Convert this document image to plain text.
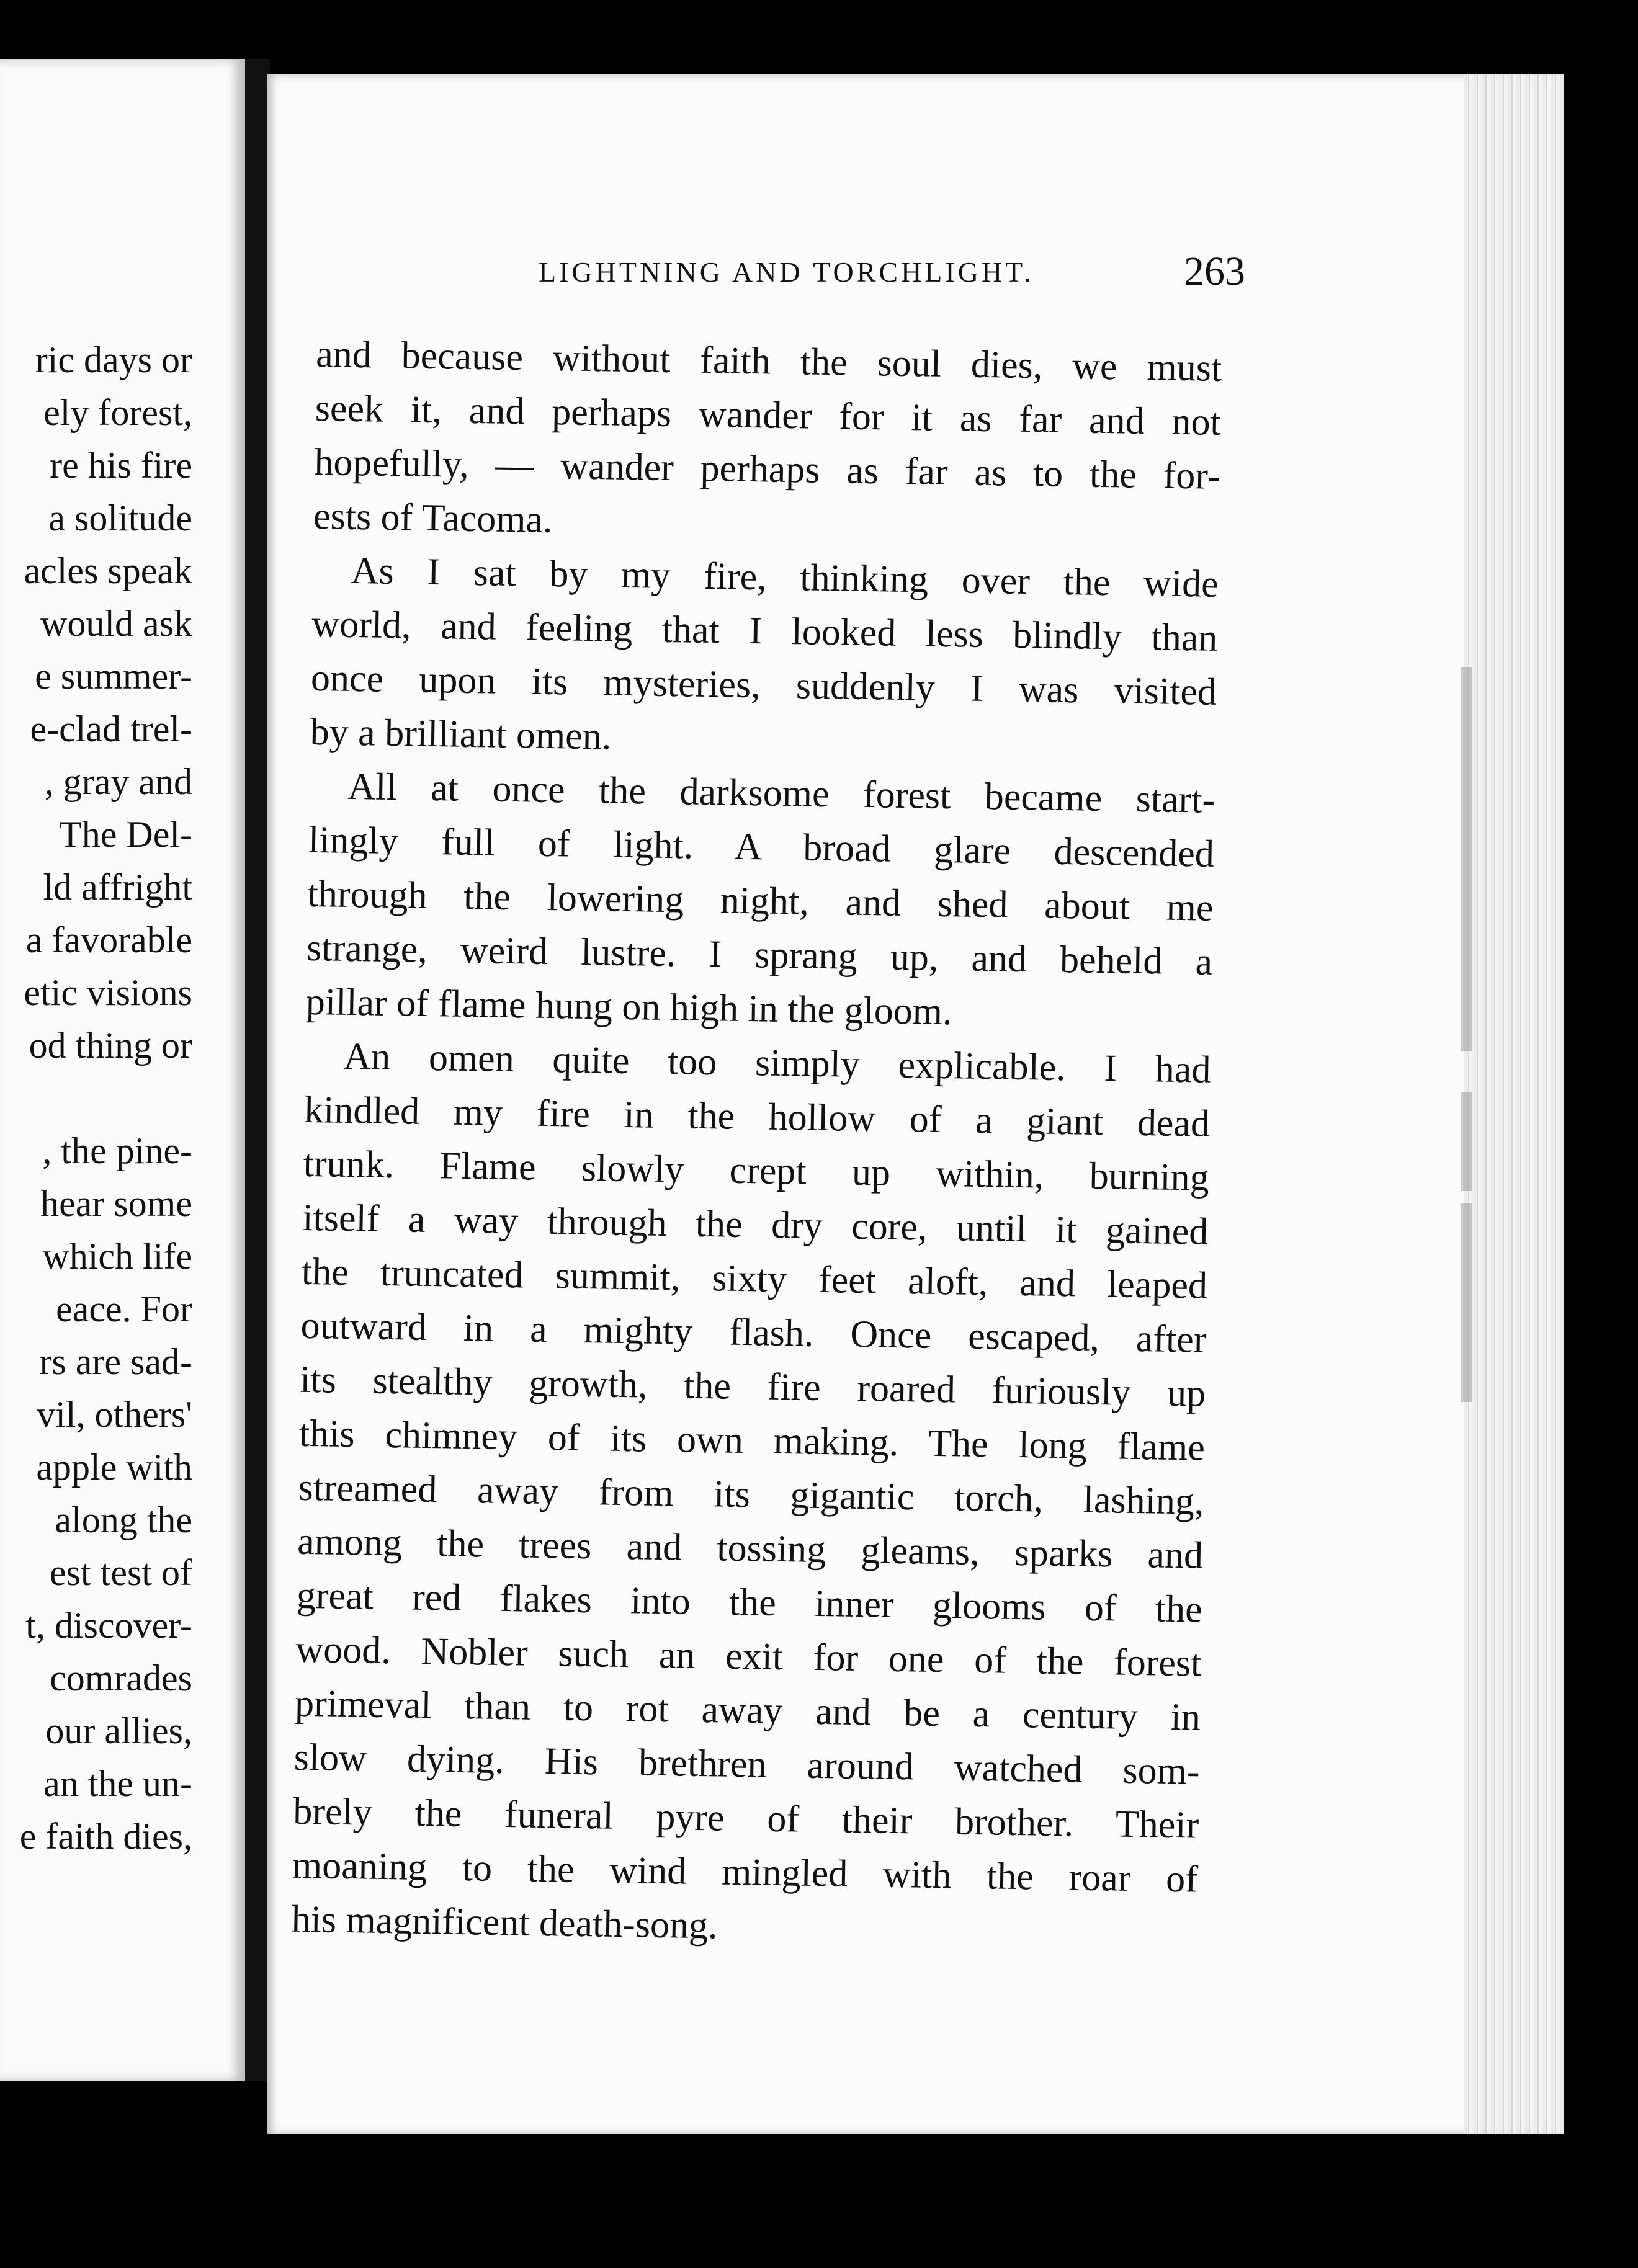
ric days or
ely forest,
re his fire
a solitude
acles speak
would ask
e summer-
e-clad trel-
, gray and
The Del-
ld affright
a favorable
etic visions
od thing or
, the pine-
hear some
which life
eace. For
rs are sad-
vil, others'
apple with
along the
est test of
t, discover-
comrades
our allies,
an the un-
e faith dies,
LIGHTNING AND TORCHLIGHT.	263
and because without faith the soul dies, we must
seek it, and perhaps wander for it as far and not
hopefully, — wander perhaps as far as to the for-
ests of Tacoma.
As I sat by my fire, thinking over the wide
world, and feeling that I looked less blindly than
once upon its mysteries, suddenly I was visited
by a brilliant omen.
All at once the darksome forest became start-
lingly full of light. A broad glare descended
through the lowering night, and shed about me
strange, weird lustre. I sprang up, and beheld a
pillar of flame hung on high in the gloom.
An omen quite too simply explicable. I had
kindled my fire in the hollow of a giant dead
trunk. Flame slowly crept up within, burning
itself a way through the dry core, until it gained
the truncated summit, sixty feet aloft, and leaped
outward in a mighty flash. Once escaped, after
its stealthy growth, the fire roared furiously up
this chimney of its own making. The long flame
streamed away from its gigantic torch, lashing,
among the trees and tossing gleams, sparks and
great red flakes into the inner glooms of the
wood. Nobler such an exit for one of the forest
primeval than to rot away and be a century in
slow dying. His brethren around watched som-
brely the funeral pyre of their brother. Their
moaning to the wind mingled with the roar of
his magnificent death-song.
